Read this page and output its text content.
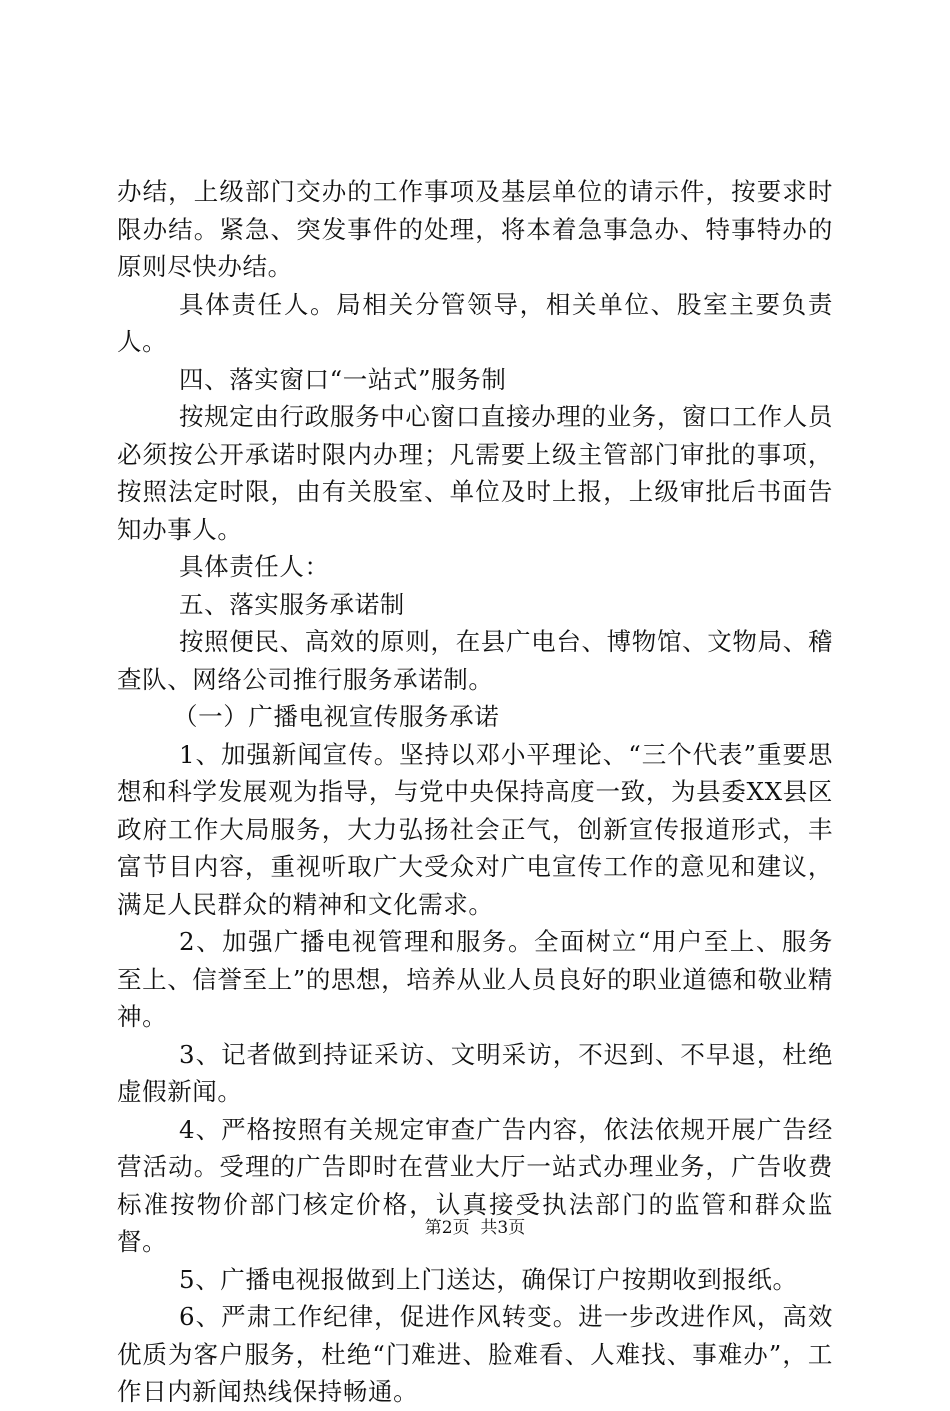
办结，上级部门交办的工作事项及基层单位的请示件，按要求时限办结。紧急、突发事件的处理，将本着急事急办、特事特办的原则尽快办结。

具体责任人。局相关分管领导，相关单位、股室主要负责人。

四、落实窗口“一站式”服务制

按规定由行政服务中心窗口直接办理的业务，窗口工作人员必须按公开承诺时限内办理；凡需要上级主管部门审批的事项，按照法定时限，由有关股室、单位及时上报，上级审批后书面告知办事人。

具体责任人：

五、落实服务承诺制

按照便民、高效的原则，在县广电台、博物馆、文物局、稽查队、网络公司推行服务承诺制。

（一）广播电视宣传服务承诺

1、加强新闻宣传。坚持以邓小平理论、“三个代表”重要思想和科学发展观为指导，与党中央保持高度一致，为县委XX县区政府工作大局服务，大力弘扬社会正气，创新宣传报道形式，丰富节目内容，重视听取广大受众对广电宣传工作的意见和建议，满足人民群众的精神和文化需求。

2、加强广播电视管理和服务。全面树立“用户至上、服务至上、信誉至上”的思想，培养从业人员良好的职业道德和敬业精神。

3、记者做到持证采访、文明采访，不迟到、不早退，杜绝虚假新闻。

4、严格按照有关规定审查广告内容，依法依规开展广告经营活动。受理的广告即时在营业大厅一站式办理业务，广告收费标准按物价部门核定价格，认真接受执法部门的监管和群众监督。

5、广播电视报做到上门送达，确保订户按期收到报纸。

6、严肃工作纪律，促进作风转变。进一步改进作风，高效优质为客户服务，杜绝“门难进、脸难看、人难找、事难办”，工作日内新闻热线保持畅通。

第2页  共3页
